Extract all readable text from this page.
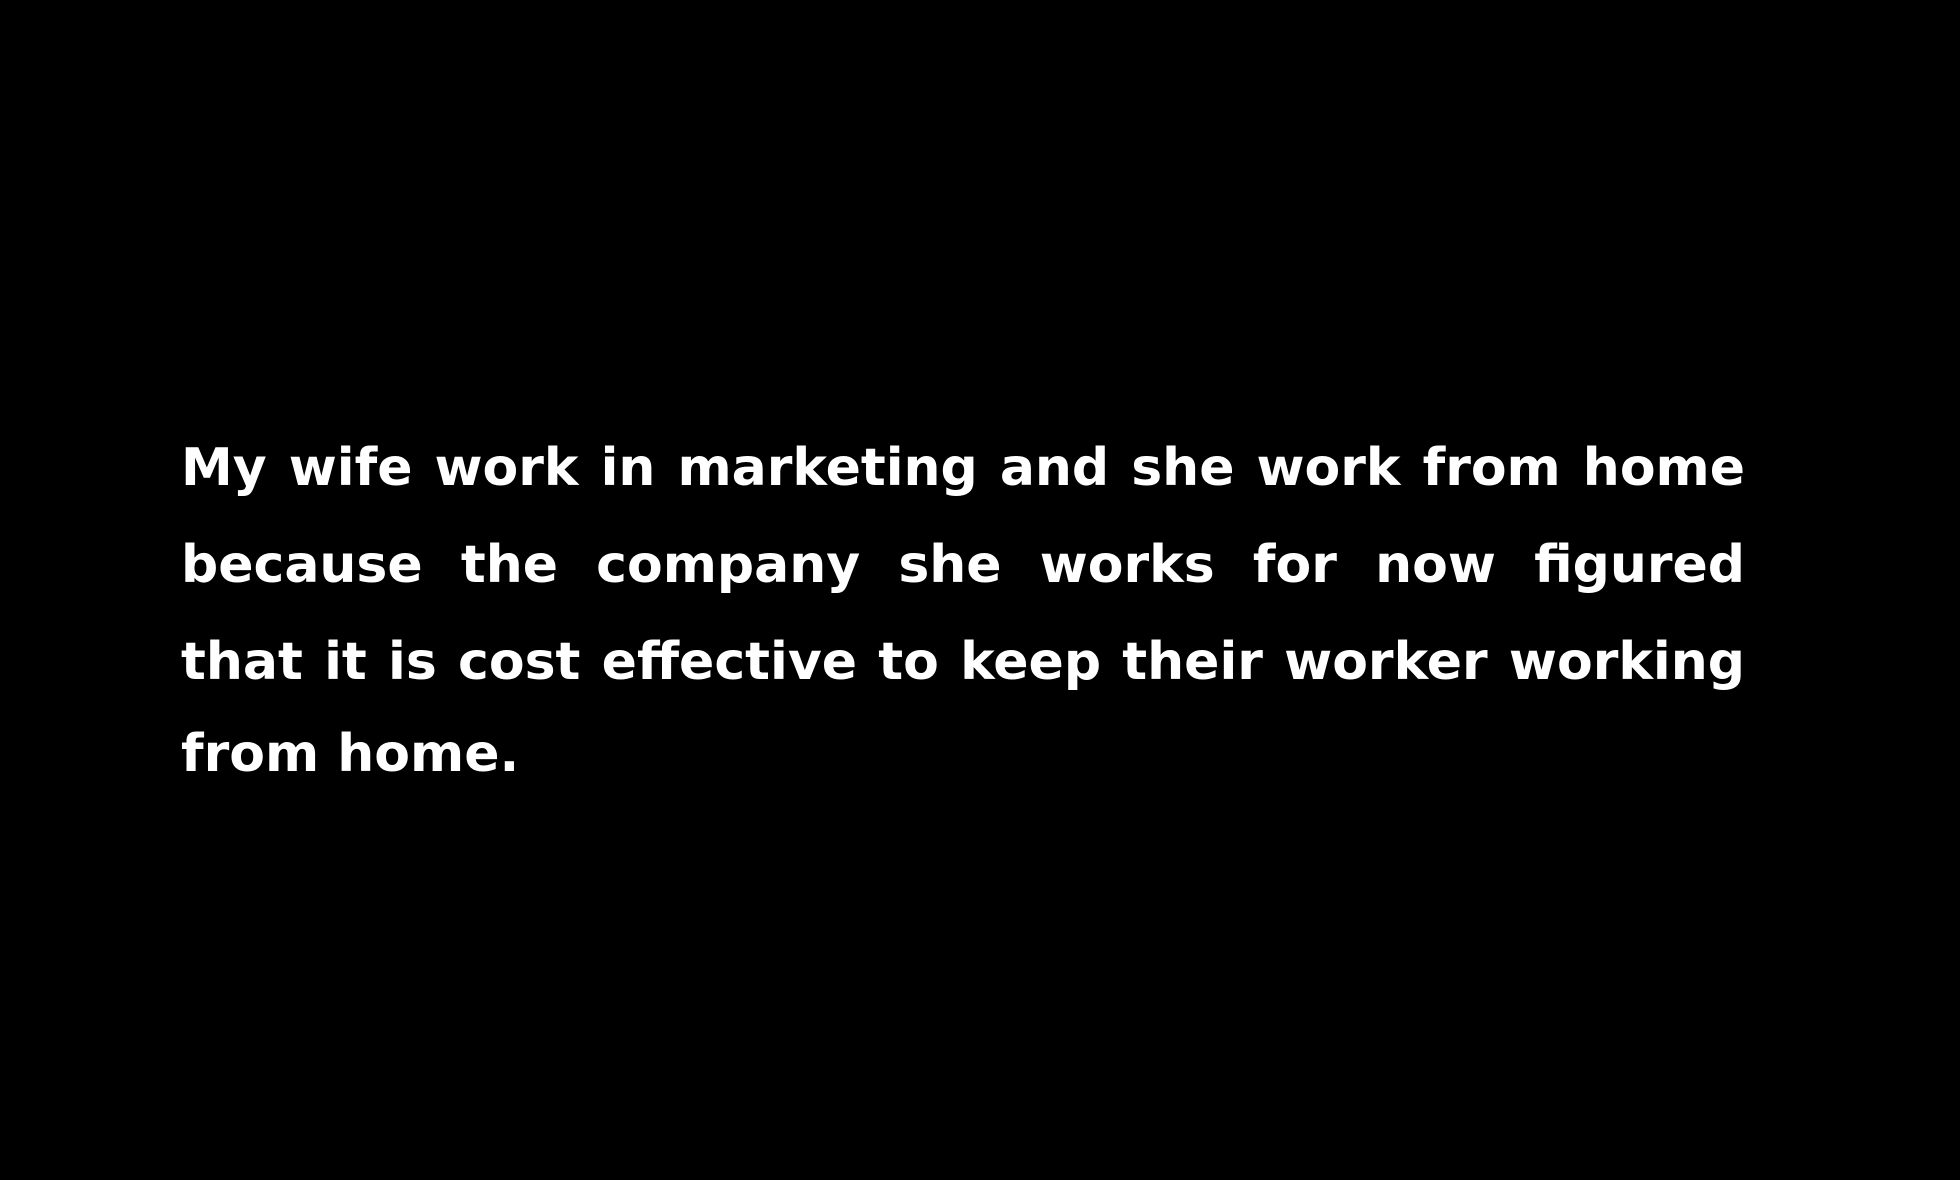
My wife work in marketing and she work from home
because the company she works for now figured
that it is cost effective to keep their worker working
from home.
